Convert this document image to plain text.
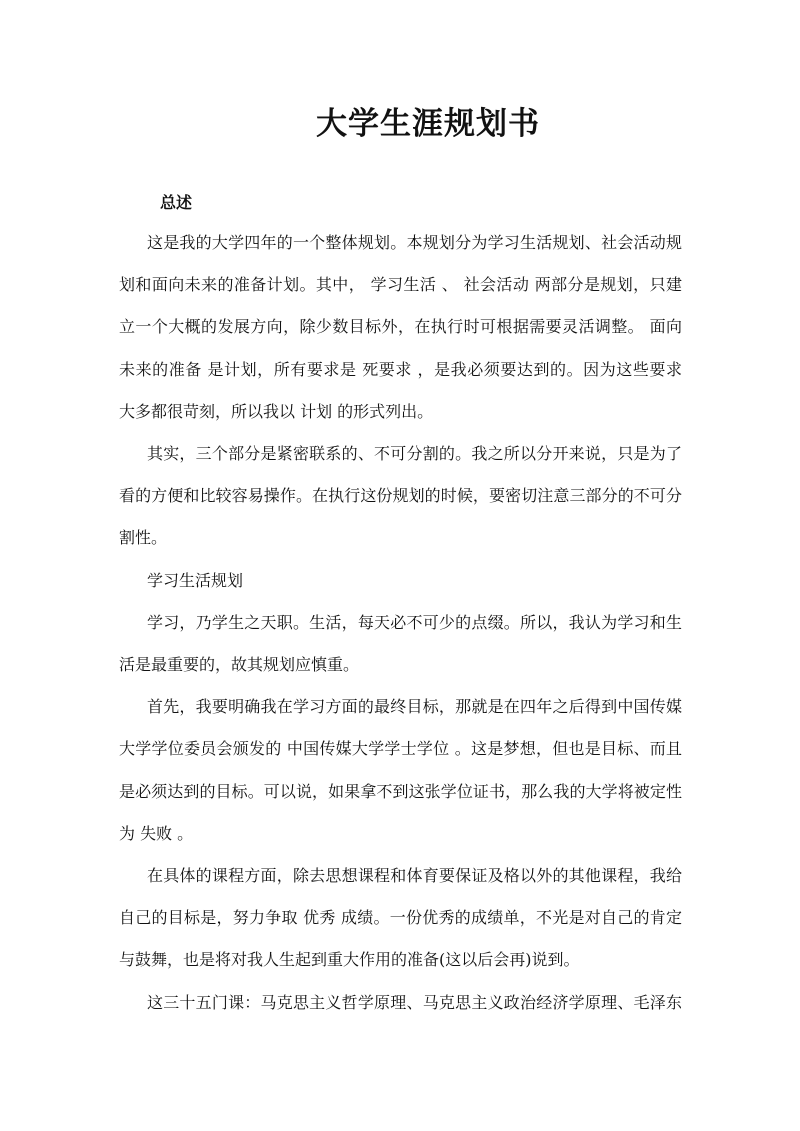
大学生涯规划书
总述
这是我的大学四年的一个整体规划。本规划分为学习生活规划、社会活动规
划和面向未来的准备计划。其中， 学习生活 、 社会活动 两部分是规划，只建
立一个大概的发展方向，除少数目标外，在执行时可根据需要灵活调整。 面向
未来的准备 是计划，所有要求是 死要求 ，是我必须要达到的。因为这些要求
大多都很苛刻，所以我以 计划 的形式列出。
其实，三个部分是紧密联系的、不可分割的。我之所以分开来说，只是为了
看的方便和比较容易操作。在执行这份规划的时候，要密切注意三部分的不可分
割性。
学习生活规划
学习，乃学生之天职。生活，每天必不可少的点缀。所以，我认为学习和生
活是最重要的，故其规划应慎重。
首先，我要明确我在学习方面的最终目标，那就是在四年之后得到中国传媒
大学学位委员会颁发的 中国传媒大学学士学位 。这是梦想，但也是目标、而且
是必须达到的目标。可以说，如果拿不到这张学位证书，那么我的大学将被定性
为 失败 。
在具体的课程方面，除去思想课程和体育要保证及格以外的其他课程，我给
自己的目标是，努力争取 优秀 成绩。一份优秀的成绩单，不光是对自己的肯定
与鼓舞，也是将对我人生起到重大作用的准备(这以后会再)说到。
这三十五门课：马克思主义哲学原理、马克思主义政治经济学原理、毛泽东
